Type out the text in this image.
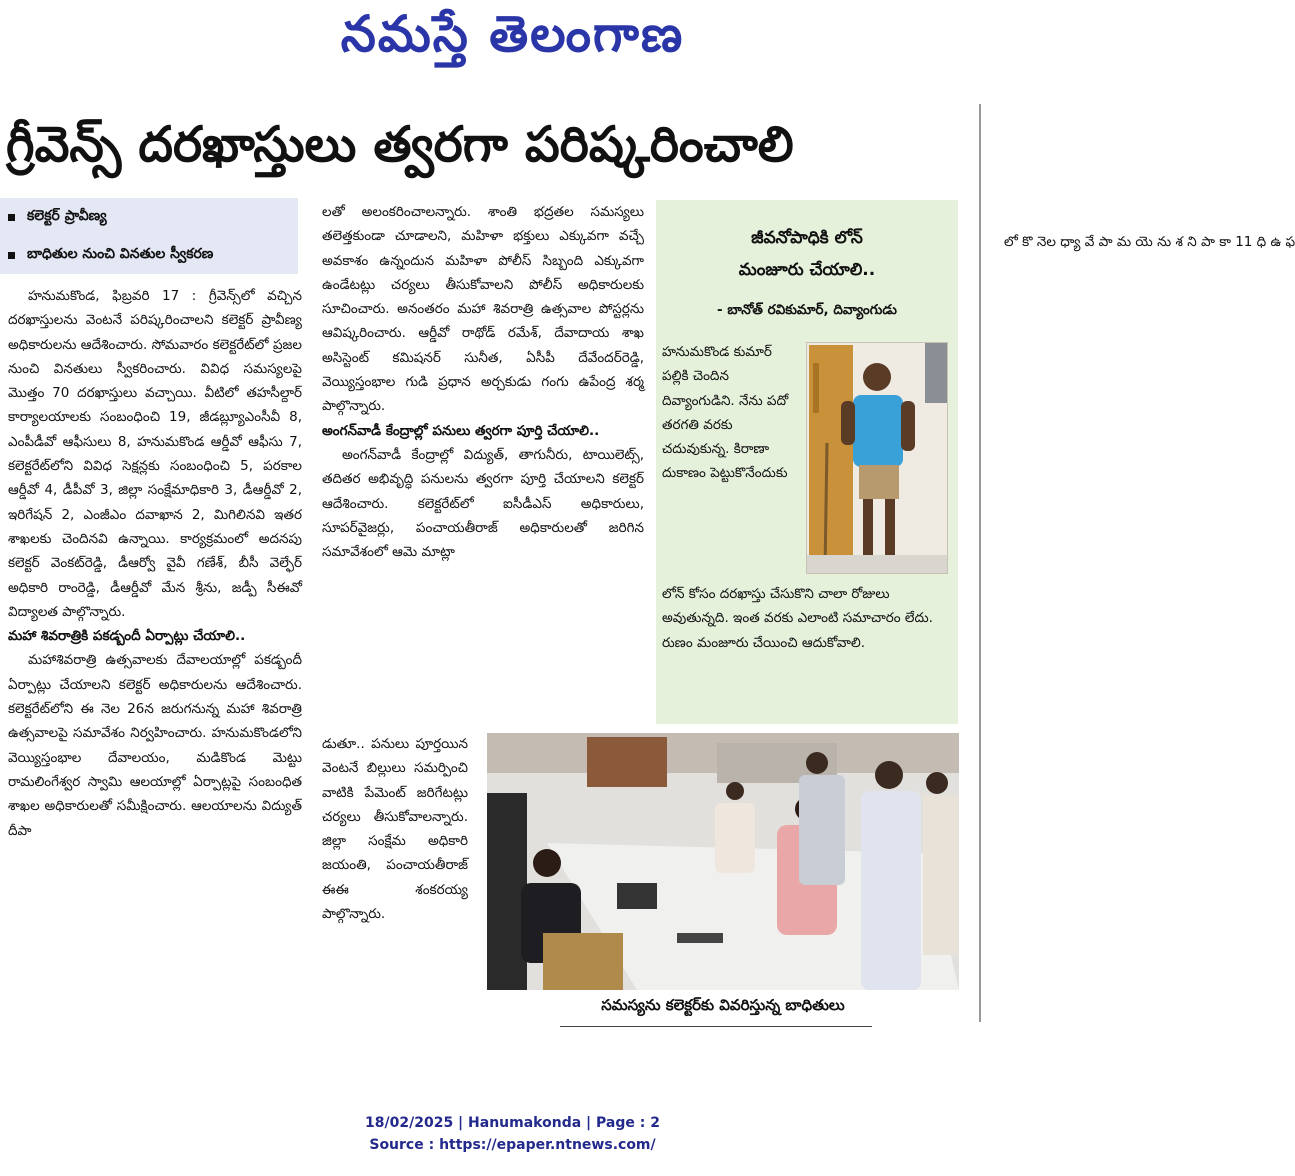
నమస్తే తెలంగాణ
గ్రీవెన్స్ దరఖాస్తులు త్వరగా పరిష్కరించాలి
కలెక్టర్ ప్రావీణ్య
బాధితుల నుంచి వినతుల స్వీకరణ

హనుమకొండ, ఫిబ్రవరి 17 : గ్రీవెన్స్‌లో వచ్చిన దరఖాస్తులను వెంటనే పరిష్కరించాలని కలెక్టర్ ప్రావీణ్య అధికారులను ఆదేశించారు. సోమవారం కలెక్టరేట్‌లో ప్రజల నుంచి వినతులు స్వీకరించారు. వివిధ సమస్యలపై మొత్తం 70 దరఖాస్తులు వచ్చాయి. వీటిలో తహసీల్దార్ కార్యాలయాలకు సంబంధించి 19, జీడబ్ల్యూఎంసీవీ 8, ఎంపీడీవో ఆఫీసులు 8, హనుమకొండ ఆర్డీవో ఆఫీసు 7, కలెక్టరేట్‌లోని వివిధ సెక్షన్లకు సంబంధించి 5, పరకాల ఆర్డీవో 4, డీపీవో 3, జిల్లా సంక్షేమాధికారి 3, డీఆర్డీవో 2, ఇరిగేషన్ 2, ఎంజీఎం దవాఖాన 2, మిగిలినవి ఇతర శాఖలకు చెందినవి ఉన్నాయి. కార్యక్రమంలో అదనపు కలెక్టర్ వెంకట్‌రెడ్డి, డీఆర్వో వైవీ గణేశ్, బీసీ వెల్ఫేర్ అధికారి రాంరెడ్డి, డీఆర్డీవో మేన శ్రీను, జడ్పీ సీఈవో విద్యాలత పాల్గొన్నారు.

మహా శివరాత్రికి పకడ్బందీ ఏర్పాట్లు చేయాలి..

మహాశివరాత్రి ఉత్సవాలకు దేవాలయాల్లో పకడ్బందీ ఏర్పాట్లు చేయాలని కలెక్టర్ అధికారులను ఆదేశించారు. కలెక్టరేట్‌లోని ఈ నెల 26న జరుగనున్న మహా శివరాత్రి ఉత్సవాలపై సమావేశం నిర్వహించారు. హనుమకొండలోని వెయ్యిస్తంభాల దేవాలయం, మడికొండ మెట్టు రామలింగేశ్వర స్వామి ఆలయాల్లో ఏర్పాట్లపై సంబంధిత శాఖల అధికారులతో సమీక్షించారు. ఆలయాలను విద్యుత్ దీపా

లతో అలంకరించాలన్నారు. శాంతి భద్రతల సమస్యలు తలెత్తకుండా చూడాలని, మహిళా భక్తులు ఎక్కువగా వచ్చే అవకాశం ఉన్నందున మహిళా పోలీస్ సిబ్బంది ఎక్కువగా ఉండేటట్లు చర్యలు తీసుకోవాలని పోలీస్ అధికారులకు సూచించారు. అనంతరం మహా శివరాత్రి ఉత్సవాల పోస్టర్లను ఆవిష్కరించారు. ఆర్డీవో రాథోడ్ రమేశ్, దేవాదాయ శాఖ అసిస్టెంట్ కమిషనర్ సునీత, ఏసీపీ దేవేందర్‌రెడ్డి, వెయ్యిస్తంభాల గుడి ప్రధాన అర్చకుడు గంగు ఉపేంద్ర శర్మ పాల్గొన్నారు.

అంగన్‌వాడీ కేంద్రాల్లో పనులు త్వరగా పూర్తి చేయాలి..

అంగన్‌వాడీ కేంద్రాల్లో విద్యుత్, తాగునీరు, టాయిలెట్స్, తదితర అభివృద్ధి పనులను త్వరగా పూర్తి చేయాలని కలెక్టర్ ఆదేశించారు. కలెక్టరేట్‌లో ఐసీడీఎస్ అధికారులు, సూపర్‌వైజర్లు, పంచాయతీరాజ్ అధికారులతో జరిగిన సమావేశంలో ఆమె మాట్లా

డుతూ.. పనులు పూర్తయిన వెంటనే బిల్లులు సమర్పించి వాటికి పేమెంట్ జరిగేటట్లు చర్యలు తీసుకోవాలన్నారు. జిల్లా సంక్షేమ అధికారి జయంతి, పంచాయతీరాజ్ ఈఈ శంకరయ్య పాల్గొన్నారు.

జీవనోపాధికి లోన్
మంజూరు చేయాలి..
- బానోత్ రవికుమార్, దివ్యాంగుడు
హనుమకొండ కుమార్ పల్లికి చెందిన దివ్యాంగుడిని. నేను పదో తరగతి వరకు చదువుకున్న. కిరాణా దుకాణం పెట్టుకొనేందుకు
లోన్ కోసం దరఖాస్తు చేసుకొని చాలా రోజులు అవుతున్నది. ఇంత వరకు ఎలాంటి సమాచారం లేదు. రుణం మంజూరు చేయించి ఆదుకోవాలి.
సమస్యను కలెక్టర్‌కు వివరిస్తున్న బాధితులు
లో కొ నెల ధ్యా వే పా మ యె ను శ ని పా కా 11 ధి ఉ ఫ
18/02/2025 | Hanumakonda | Page : 2
Source : https://epaper.ntnews.com/
